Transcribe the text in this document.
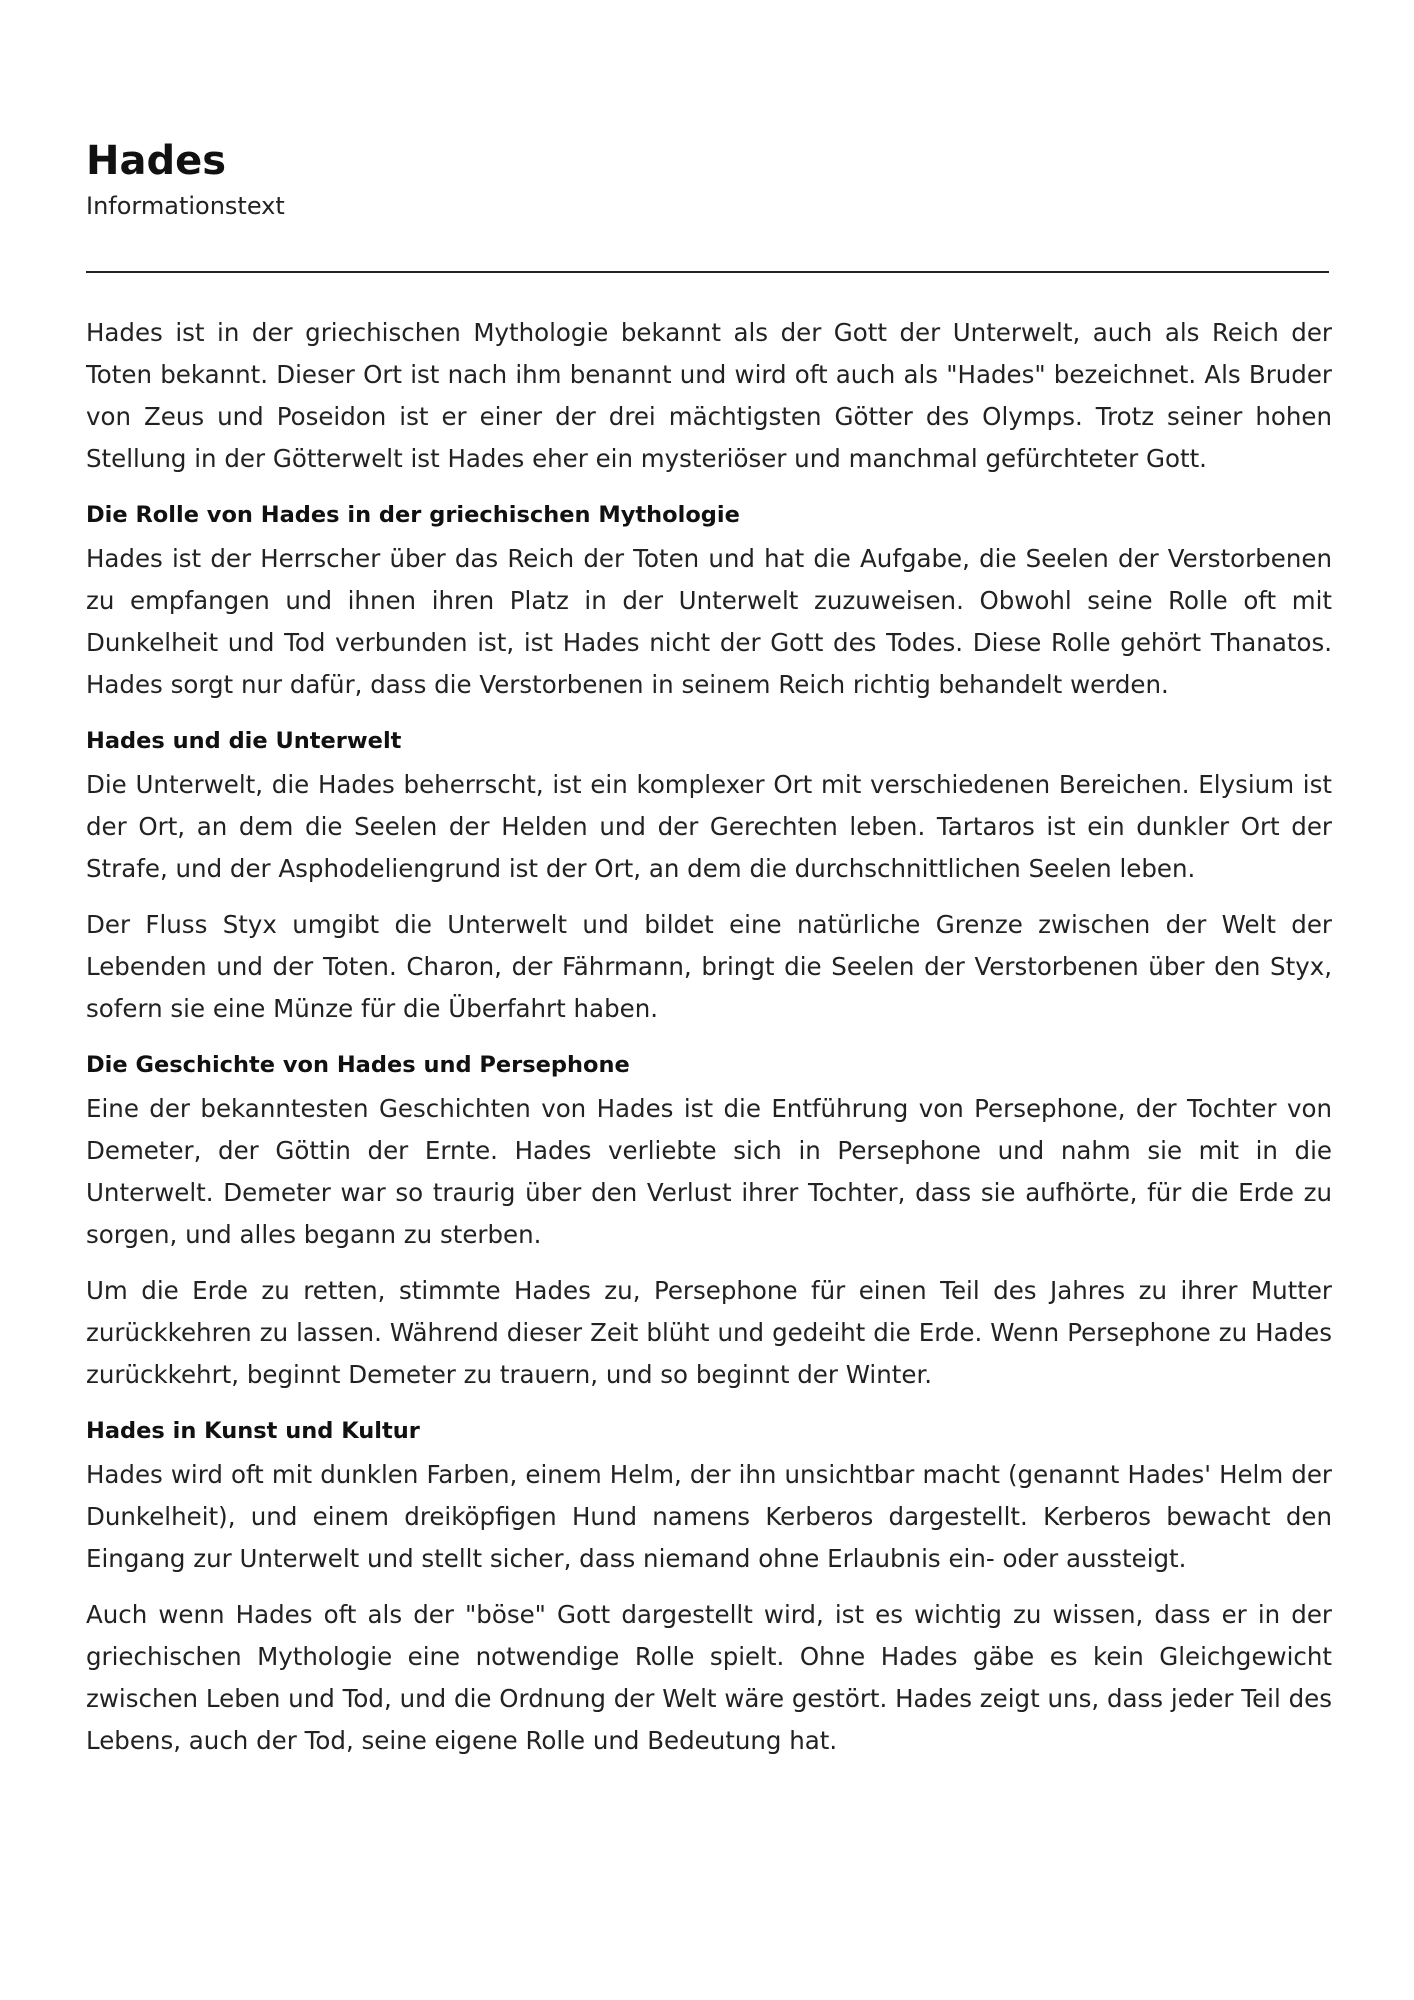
Hades
Informationstext

Hades ist in der griechischen Mythologie bekannt als der Gott der Unterwelt, auch als Reich der Toten bekannt. Dieser Ort ist nach ihm benannt und wird oft auch als "Hades" bezeichnet. Als Bruder von Zeus und Poseidon ist er einer der drei mächtigsten Götter des Olymps. Trotz seiner hohen Stellung in der Götterwelt ist Hades eher ein mysteriöser und manchmal gefürchteter Gott.

Die Rolle von Hades in der griechischen Mythologie

Hades ist der Herrscher über das Reich der Toten und hat die Aufgabe, die Seelen der Verstorbenen zu empfangen und ihnen ihren Platz in der Unterwelt zuzuweisen. Obwohl seine Rolle oft mit Dunkelheit und Tod verbunden ist, ist Hades nicht der Gott des Todes. Diese Rolle gehört Thanatos. Hades sorgt nur dafür, dass die Verstorbenen in seinem Reich richtig behandelt werden.

Hades und die Unterwelt

Die Unterwelt, die Hades beherrscht, ist ein komplexer Ort mit verschiedenen Bereichen. Elysium ist der Ort, an dem die Seelen der Helden und der Gerechten leben. Tartaros ist ein dunkler Ort der Strafe, und der Asphodeliengrund ist der Ort, an dem die durchschnittlichen Seelen leben.

Der Fluss Styx umgibt die Unterwelt und bildet eine natürliche Grenze zwischen der Welt der Lebenden und der Toten. Charon, der Fährmann, bringt die Seelen der Verstorbenen über den Styx, sofern sie eine Münze für die Überfahrt haben.

Die Geschichte von Hades und Persephone

Eine der bekanntesten Geschichten von Hades ist die Entführung von Persephone, der Tochter von Demeter, der Göttin der Ernte. Hades verliebte sich in Persephone und nahm sie mit in die Unterwelt. Demeter war so traurig über den Verlust ihrer Tochter, dass sie aufhörte, für die Erde zu sorgen, und alles begann zu sterben.

Um die Erde zu retten, stimmte Hades zu, Persephone für einen Teil des Jahres zu ihrer Mutter zurückkehren zu lassen. Während dieser Zeit blüht und gedeiht die Erde. Wenn Persephone zu Hades zurückkehrt, beginnt Demeter zu trauern, und so beginnt der Winter.

Hades in Kunst und Kultur

Hades wird oft mit dunklen Farben, einem Helm, der ihn unsichtbar macht (genannt Hades' Helm der Dunkelheit), und einem dreiköpfigen Hund namens Kerberos dargestellt. Kerberos bewacht den Eingang zur Unterwelt und stellt sicher, dass niemand ohne Erlaubnis ein- oder aussteigt.

Auch wenn Hades oft als der "böse" Gott dargestellt wird, ist es wichtig zu wissen, dass er in der griechischen Mythologie eine notwendige Rolle spielt. Ohne Hades gäbe es kein Gleichgewicht zwischen Leben und Tod, und die Ordnung der Welt wäre gestört. Hades zeigt uns, dass jeder Teil des Lebens, auch der Tod, seine eigene Rolle und Bedeutung hat.
